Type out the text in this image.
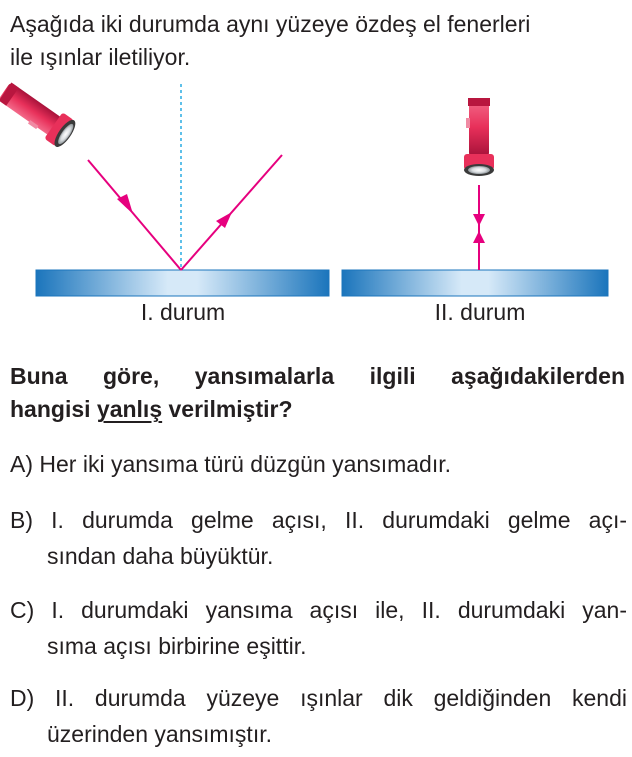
Aşağıda iki durumda aynı yüzeye özdeş el fenerleri
ile ışınlar iletiliyor.
I. durum	II. durum
Buna göre, yansımalarla ilgili aşağıdakilerden
hangisi yanlış verilmiştir?
A) Her iki yansıma türü düzgün yansımadır.
B) I. durumda gelme açısı, II. durumdaki gelme açı-
sından daha büyüktür.
C) I. durumdaki yansıma açısı ile, II. durumdaki yan-
sıma açısı birbirine eşittir.
D) II. durumda yüzeye ışınlar dik geldiğinden kendi
üzerinden yansımıştır.
